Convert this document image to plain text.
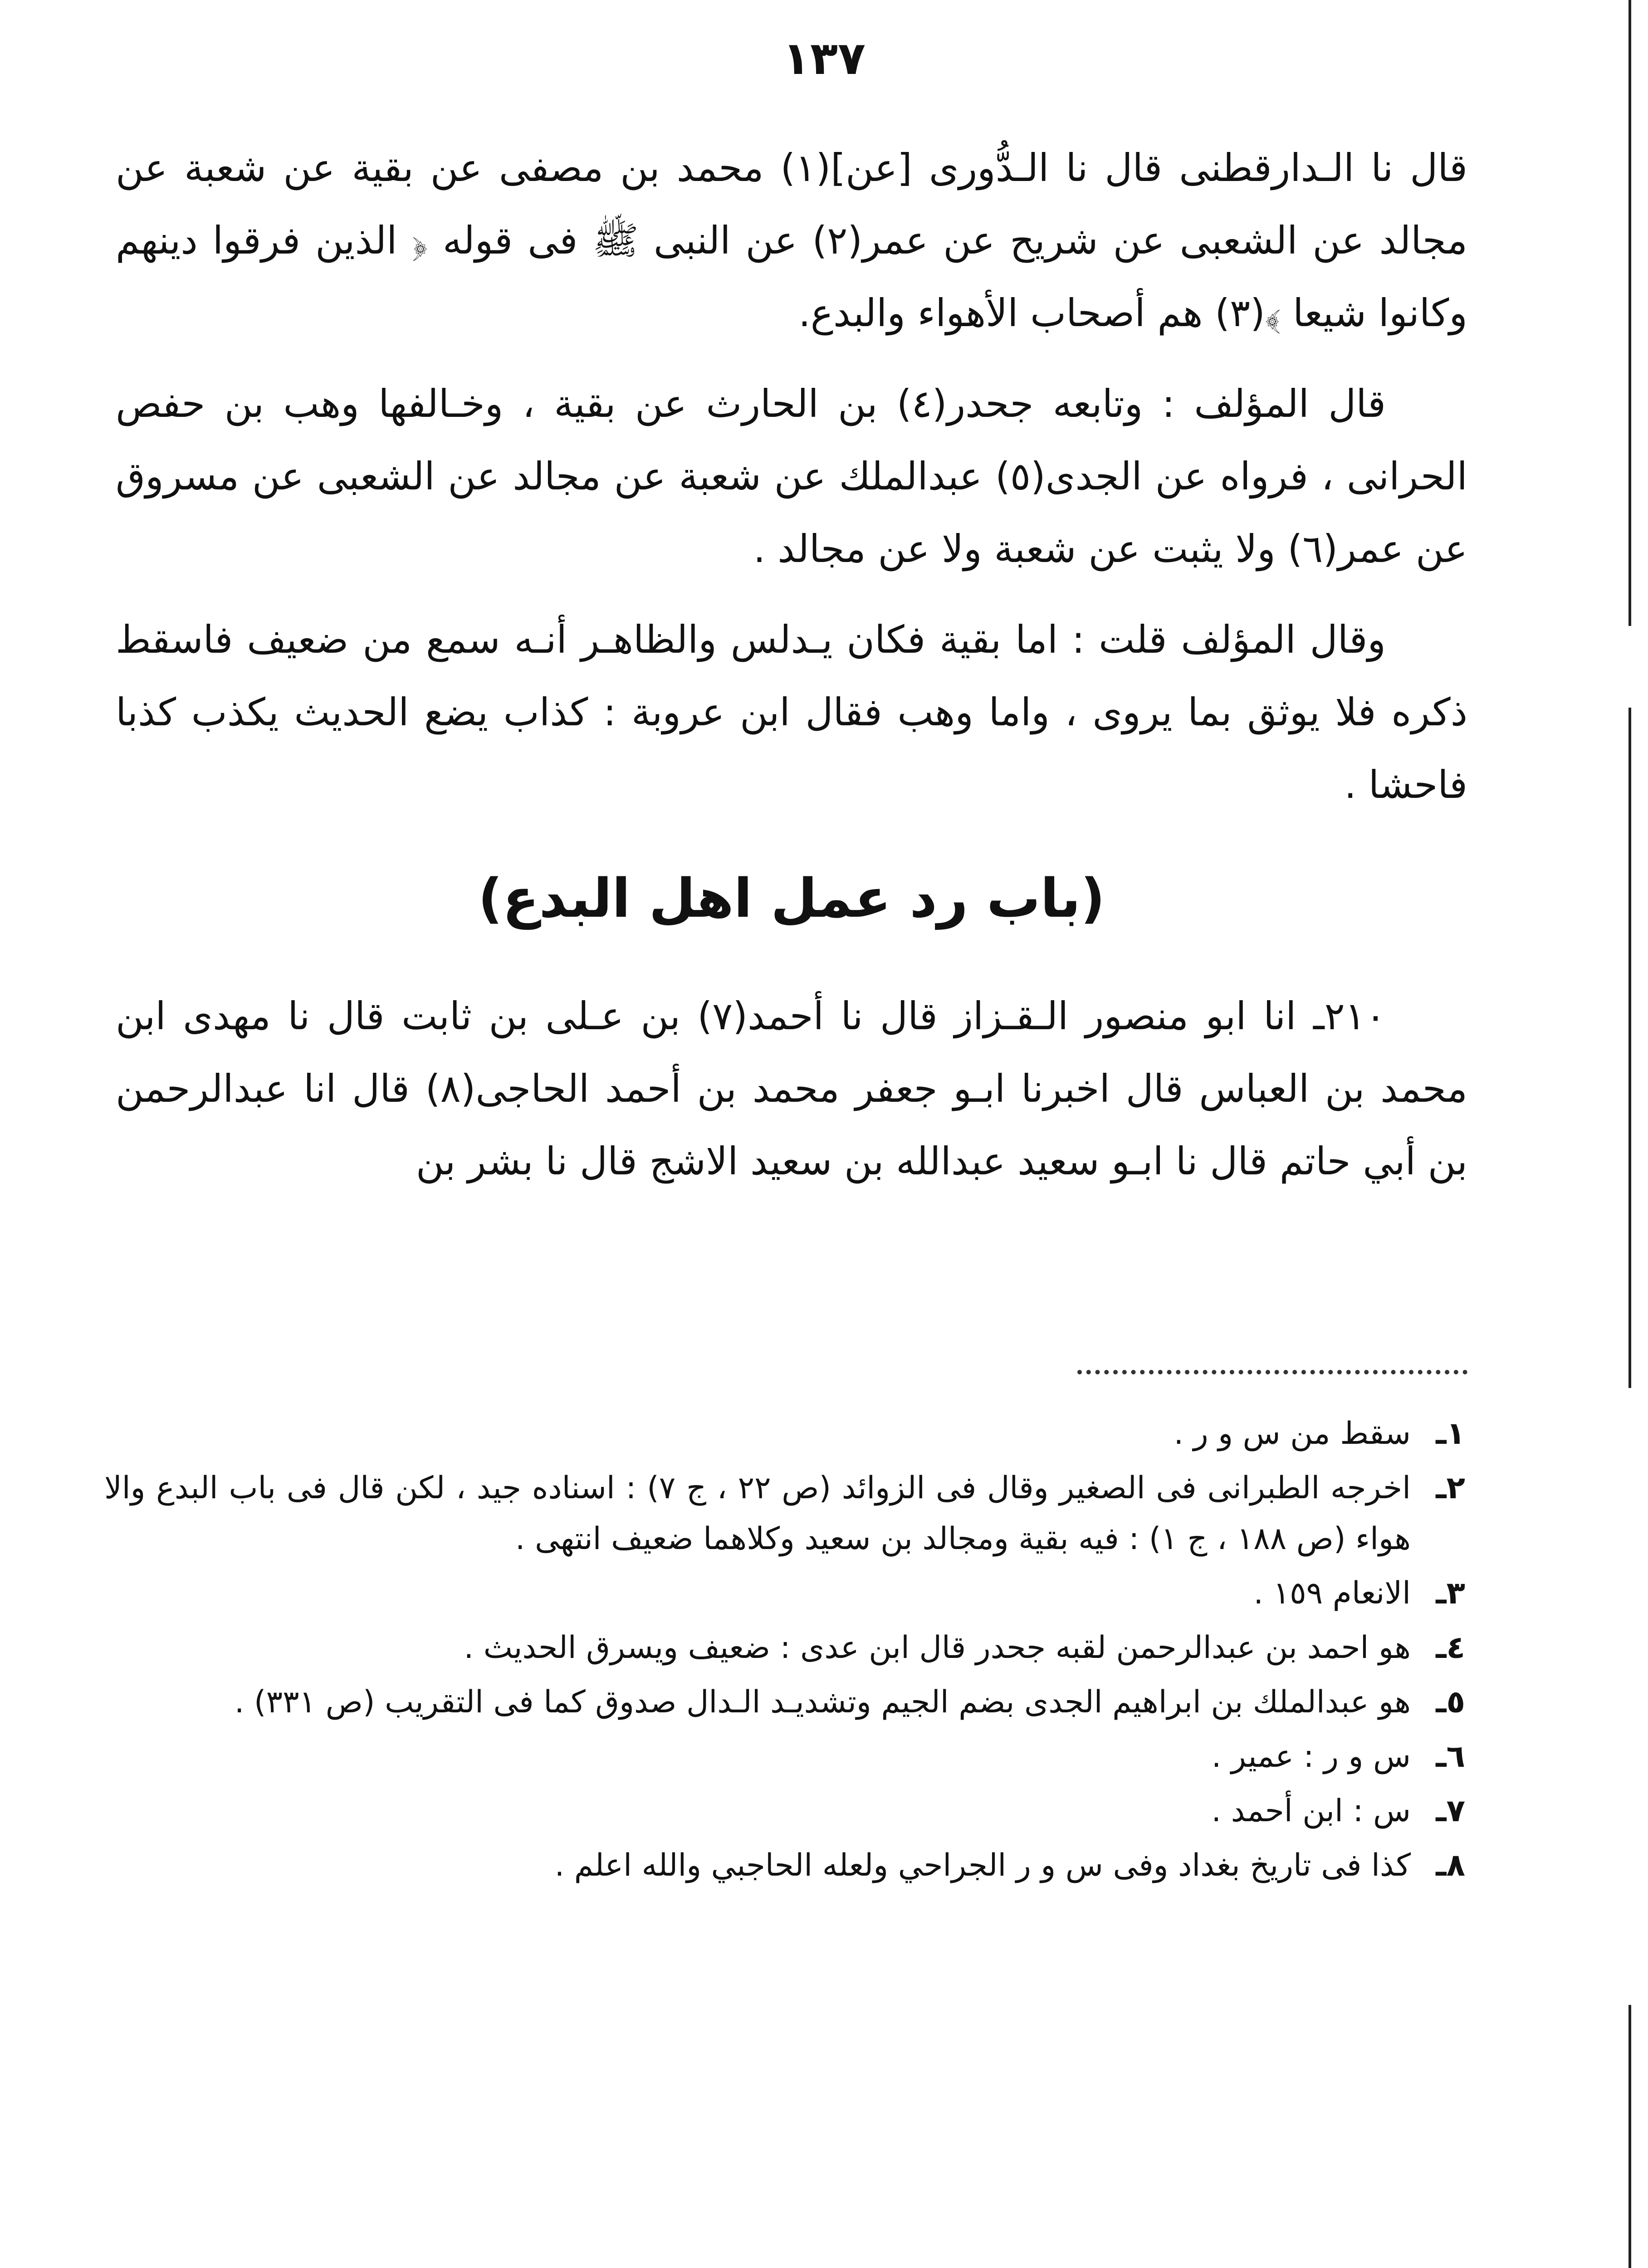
١٣٧

قال نا الـدارقطنى قال نا الـدُّورى [عن](١) محمد بن مصفى عن بقية عن شعبة عن مجالد عن الشعبى عن شريح عن عمر(٢) عن النبى ﷺ فى قوله ﴿ الذين فرقوا دينهم وكانوا شيعا ﴾(٣) هم أصحاب الأهواء والبدع.

قال المؤلف : وتابعه جحدر(٤) بن الحارث عن بقية ، وخـالفها وهب بن حفص الحرانى ، فرواه عن الجدى(٥) عبدالملك عن شعبة عن مجالد عن الشعبى عن مسروق عن عمر(٦) ولا يثبت عن شعبة ولا عن مجالد .

وقال المؤلف قلت : اما بقية فكان يـدلس والظاهـر أنـه سمع من ضعيف فاسقط ذكره فلا يوثق بما يروى ، واما وهب فقال ابن عروبة : كذاب يضع الحديث يكذب كذبا فاحشا .

(باب رد عمل اهل البدع)

٢١٠ـ انا ابو منصور الـقـزاز قال نا أحمد(٧) بن عـلى بن ثابت قال نا مهدى ابن محمد بن العباس قال اخبرنا ابـو جعفر محمد بن أحمد الحاجى(٨) قال انا عبدالرحمن بن أبي حاتم قال نا ابـو سعيد عبدالله بن سعيد الاشج قال نا بشر بن

١ـ
سقط من س و ر .
٢ـ
اخرجه الطبرانى فى الصغير وقال فى الزوائد (ص ٢٢ ، ج ٧) : اسناده جيد ، لكن قال فى باب البدع والا هواء (ص ١٨٨ ، ج ١) : فيه بقية ومجالد بن سعيد وكلاهما ضعيف انتهى .
٣ـ
الانعام ١٥٩ .
٤ـ
هو احمد بن عبدالرحمن لقبه جحدر قال ابن عدى : ضعيف ويسرق الحديث .
٥ـ
هو عبدالملك بن ابراهيم الجدى بضم الجيم وتشديـد الـدال صدوق كما فى التقريب (ص ٣٣١) .
٦ـ
س و ر : عمير .
٧ـ
س : ابن أحمد .
٨ـ
كذا فى تاريخ بغداد وفى س و ر الجراحي ولعله الحاجبي والله اعلم .
